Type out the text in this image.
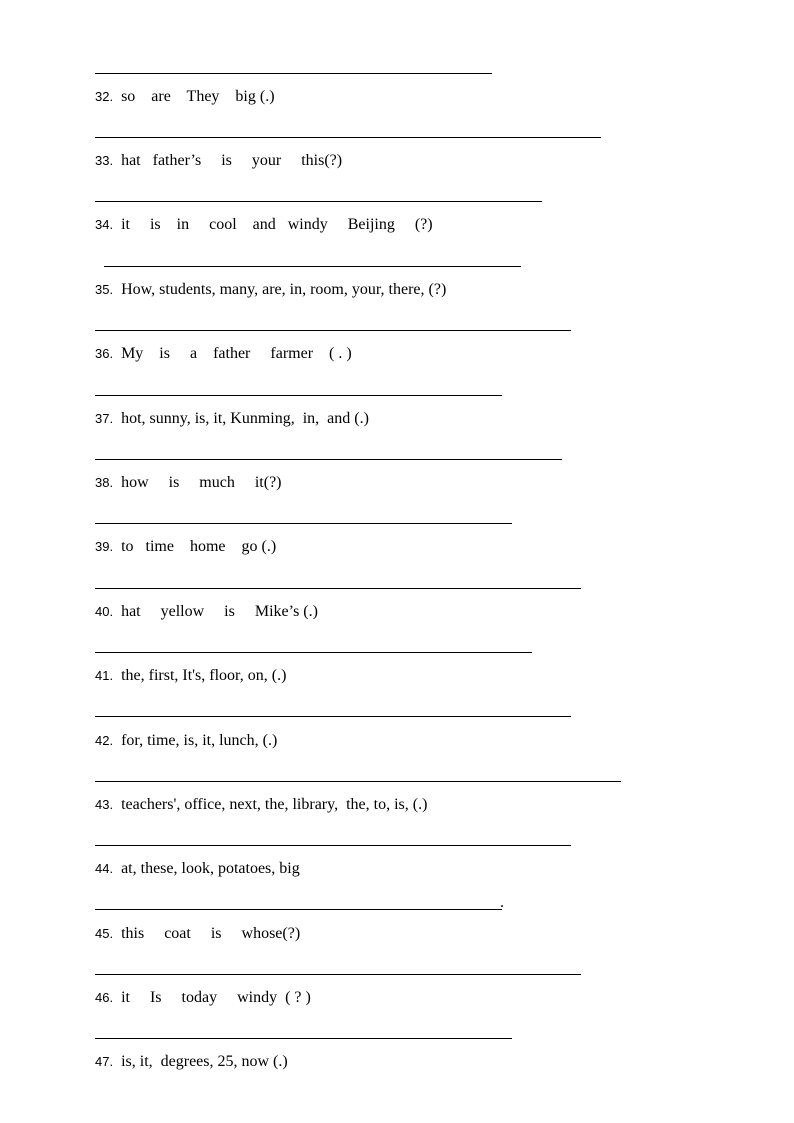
.
32. so    are    They    big (.)
33. hat   father’s     is     your     this(?)
34. it     is    in     cool    and   windy     Beijing     (?)
35. How, students, many, are, in, room, your, there, (?)
36. My    is     a    father     farmer    ( . )
37. hot, sunny, is, it, Kunming,  in,  and (.)
38. how     is     much     it(?)
39. to   time    home    go (.)
40. hat     yellow     is     Mike’s (.)
41. the, first, It's, floor, on, (.)
42. for, time, is, it, lunch, (.)
43. teachers', office, next, the, library,  the, to, is, (.)
44. at, these, look, potatoes, big
45. this     coat     is     whose(?)
46. it     Is     today     windy  ( ? )
47. is, it,  degrees, 25, now (.)
